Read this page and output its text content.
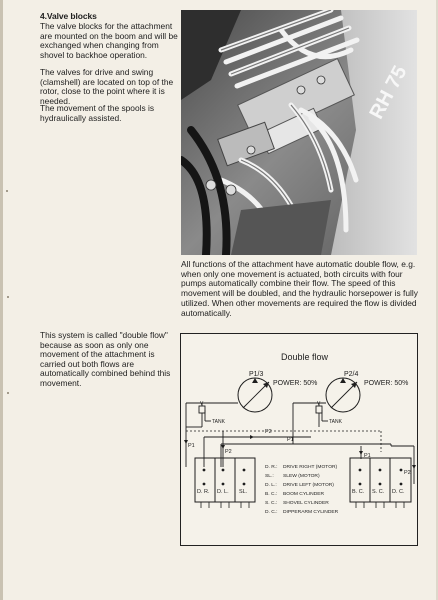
4.Valve blocks

The valve blocks for the attachment are mounted on the boom and will be exchanged when changing from shovel to backhoe operation.

The valves for drive and swing (clamshell) are located on top of the rotor, close to the point where it is needed.

The movement of the spools is hydraulically assisted.	RH 75

All functions of the attachment have automatic double flow, e.g. when only one movement is actuated, both circuits with four pumps automatically combine their flow. The speed of this movement will be doubled, and the hydraulic horsepower is fully utilized. When other movements are required the flow is divided automatically.

This system is called "double flow" because as soon as only one movement of the attachment is carried out both flows are automatically combined behind this movement.

Double flow
P1/3
POWER: 50%
P2/4
POWER: 50%
V
TANK
V
TANK
P1
P2
P2
P1
P1
P2
D. R. D. L. SL.	B. C. S. C. D. C.
D. R.: DRIVE RIGHT (MOTOR)
SL.: SLEW (MOTOR)
D. L.: DRIVE LEFT (MOTOR)
B. C.: BOOM CYLINDER
S. C.: SHOVEL CYLINDER
D. C.: DIPPERARM CYLINDER
